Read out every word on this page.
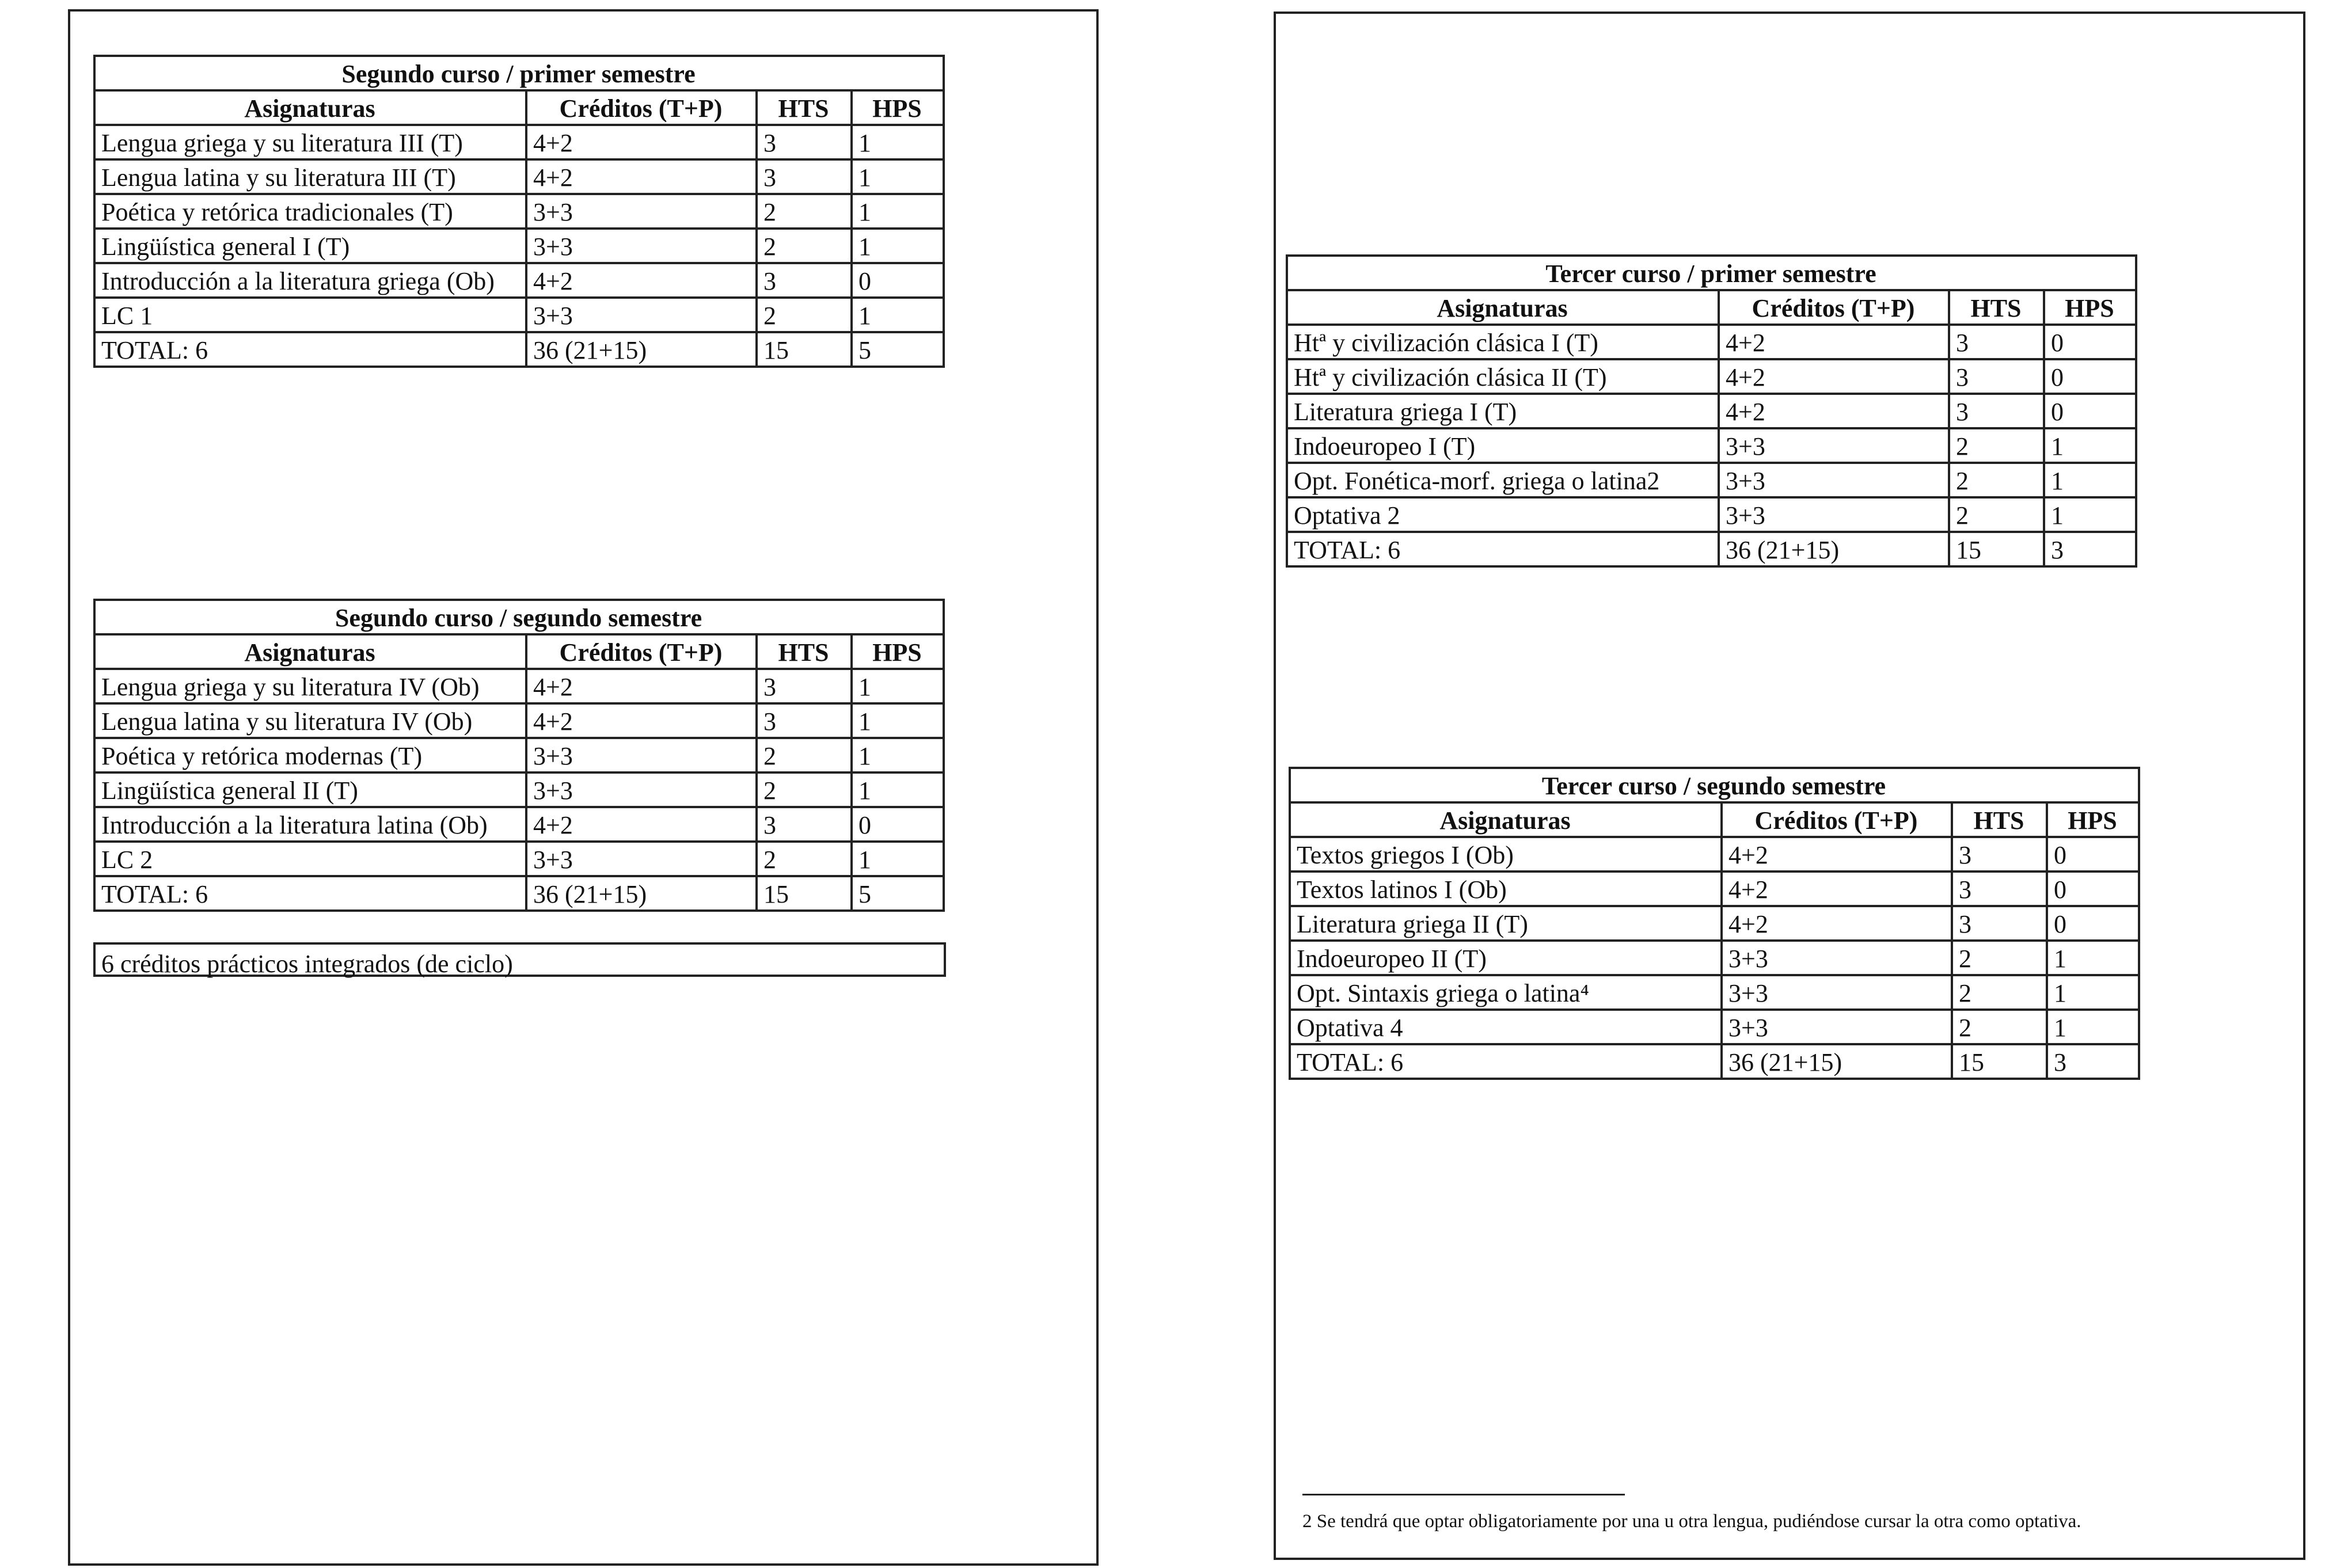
Segundo curso / primer semestre			
Asignaturas	Créditos (T+P)	HTS	HPS
Lengua griega y su literatura III (T)	4+2	3	1
Lengua latina y su literatura III (T)	4+2	3	1
Poética y retórica tradicionales (T)	3+3	2	1
Lingüística general I (T)	3+3	2	1
Introducción a la literatura griega (Ob)	4+2	3	0
LC 1	3+3	2	1
TOTAL: 6	36 (21+15)	15	5
Segundo curso / segundo semestre			
Asignaturas	Créditos (T+P)	HTS	HPS
Lengua griega y su literatura IV (Ob)	4+2	3	1
Lengua latina y su literatura IV (Ob)	4+2	3	1
Poética y retórica modernas (T)	3+3	2	1
Lingüística general II (T)	3+3	2	1
Introducción a la literatura latina (Ob)	4+2	3	0
LC 2	3+3	2	1
TOTAL: 6	36 (21+15)	15	5
6 créditos prácticos integrados (de ciclo)
Tercer curso / primer semestre			
Asignaturas	Créditos (T+P)	HTS	HPS
Htª y civilización clásica I (T)	4+2	3	0
Htª y civilización clásica II (T)	4+2	3	0
Literatura griega I (T)	4+2	3	0
Indoeuropeo I (T)	3+3	2	1
Opt. Fonética-morf. griega o latina2	3+3	2	1
Optativa 2	3+3	2	1
TOTAL: 6	36 (21+15)	15	3
Tercer curso / segundo semestre			
Asignaturas	Créditos (T+P)	HTS	HPS
Textos griegos I (Ob)	4+2	3	0
Textos latinos I (Ob)	4+2	3	0
Literatura griega II (T)	4+2	3	0
Indoeuropeo II (T)	3+3	2	1
Opt. Sintaxis griega o latina⁴	3+3	2	1
Optativa 4	3+3	2	1
TOTAL: 6	36 (21+15)	15	3
2 Se tendrá que optar obligatoriamente por una u otra lengua, pudiéndose cursar la otra como optativa.
